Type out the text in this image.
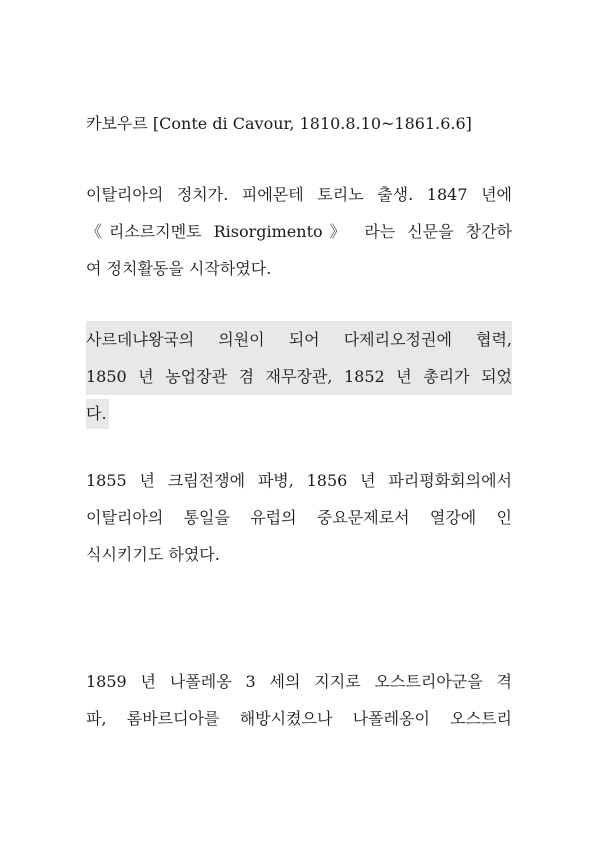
카보우르 [Conte di Cavour, 1810.8.10~1861.6.6]
이탈리아의 정치가. 피에몬테 토리노 출생. 1847 년에
《리소르지멘토 Risorgimento》 라는 신문을 창간하
여 정치활동을 시작하였다.
사르데냐왕국의 의원이 되어 다제리오정권에 협력,
1850 년 농업장관 겸 재무장관, 1852 년 총리가 되었
다.
1855 년 크림전쟁에 파병, 1856 년 파리평화회의에서
이탈리아의 통일을 유럽의 중요문제로서 열강에 인
식시키기도 하였다.
1859 년 나폴레옹 3 세의 지지로 오스트리아군을 격
파, 롬바르디아를 해방시켰으나 나폴레옹이 오스트리
